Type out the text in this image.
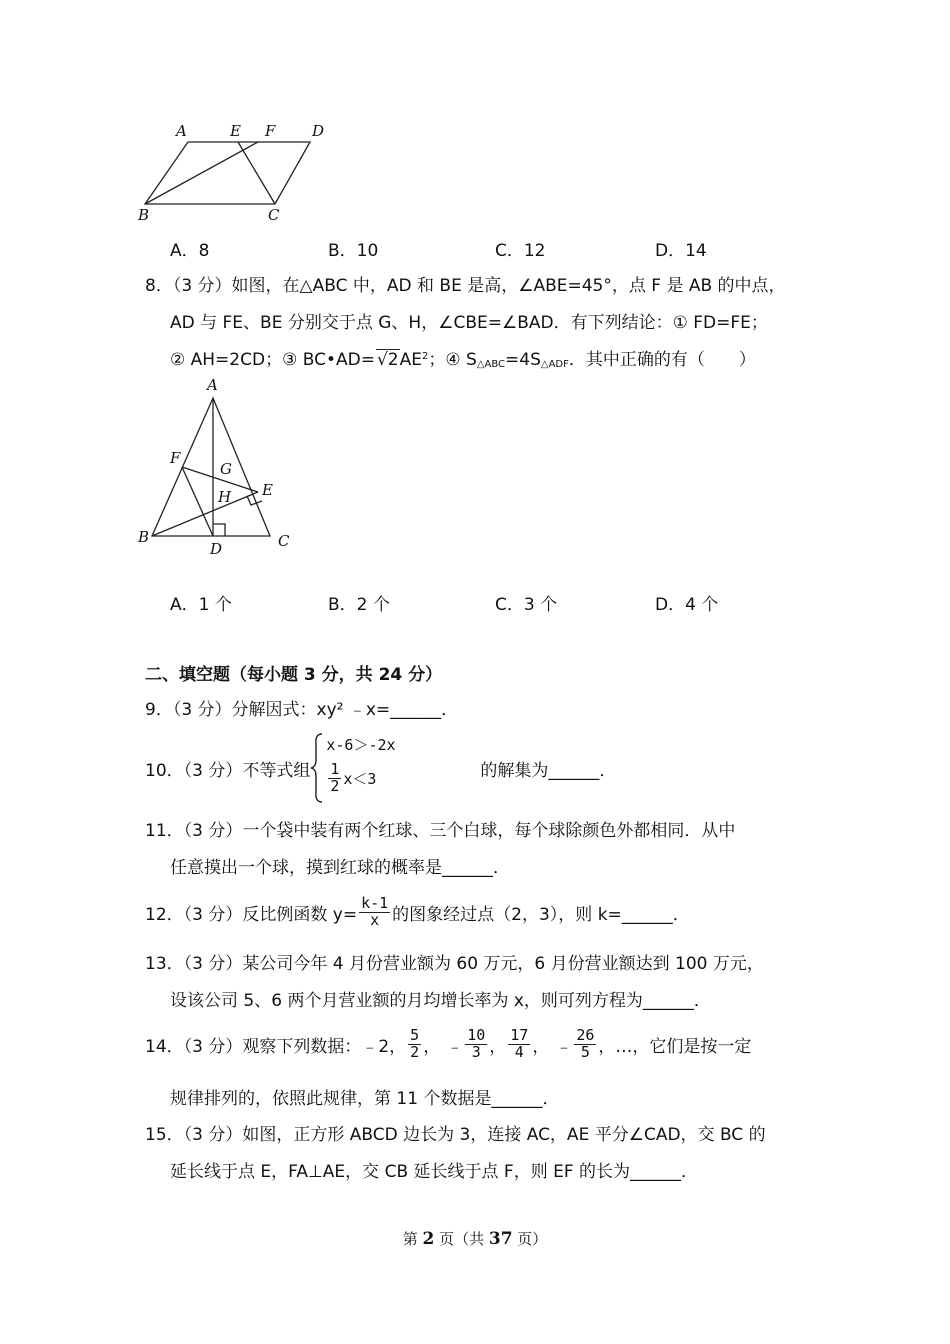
A	E F D
B	C
A．8	B．10	C．12	D．14
8．（3 分）如图，在△ABC 中，AD 和 BE 是高，∠ABE=45°，点 F 是 AB 的中点，
AD 与 FE、BE 分别交于点 G、H，∠CBE=∠BAD．有下列结论：① FD=FE；
② AH=2CD；③ BC•AD= $√2AE^2$；④ $S_{\triangle ABC}=4S_{\triangle ADF}$．其中正确的有（　　）
A
F
G
E
H
B
D	C
A．1 个	B．2 个	C．3 个	D．4 个
二、填空题（每小题 3 分，共 24 分）
9．（3 分）分解因式：xy² ﹣x=______．
10．（3 分）不等式组
x-6＞-2x
$\frac{1}{2} x<3$	的解集为______．
11．（3 分）一个袋中装有两个红球、三个白球，每个球除颜色外都相同．从中
任意摸出一个球，摸到红球的概率是______．
12．（3 分）反比例函数 $y= \frac{k-1}{x}$ 的图象经过点（2，3），则 k=______．
13．（3 分）某公司今年 4 月份营业额为 60 万元，6 月份营业额达到 100 万元，
设该公司 5、6 两个月营业额的月均增长率为 x，则可列方程为______．
14．（3 分）观察下列数据：﹣2， $\frac{5}{2}$ ， ﹣ $\frac{10}{3}$ ， $\frac{17}{4}$ ， ﹣ $\frac{26}{5}$ ，…，它们是按一定
规律排列的，依照此规律，第 11 个数据是______．
15．（3 分）如图，正方形 ABCD 边长为 3，连接 AC，AE 平分∠CAD，交 BC 的
延长线于点 E，FA⊥AE，交 CB 延长线于点 F，则 EF 的长为______．
第 2 页（共 37 页）
